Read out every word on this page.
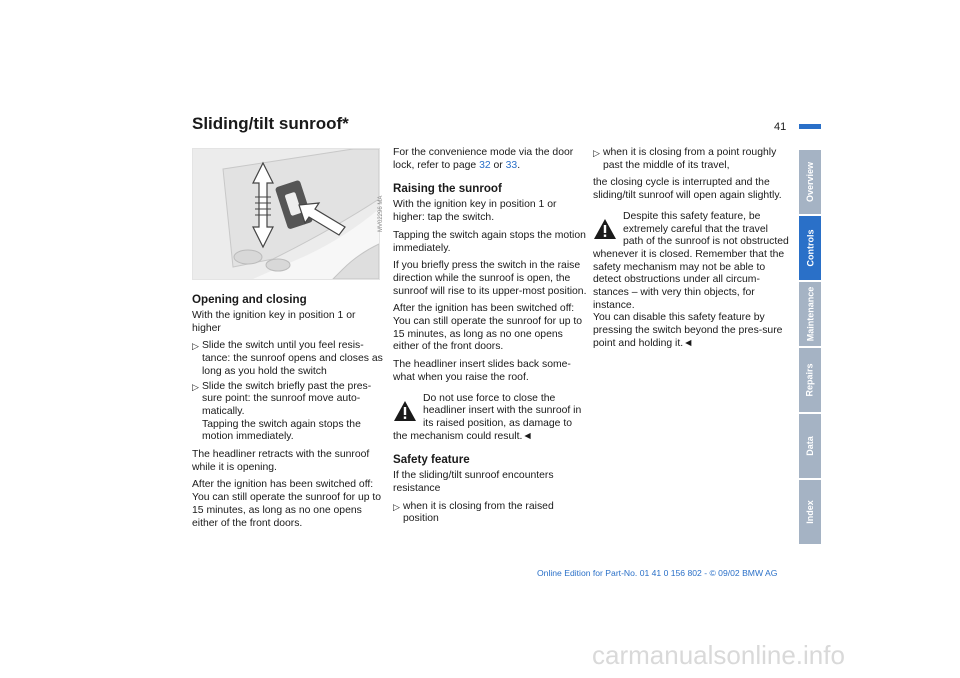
Sliding/tilt sunroof*	41
MV02296 MA
Opening and closing

With the ignition key in position 1 or higher

▷ Slide the switch until you feel resis-tance: the sunroof opens and closes as long as you hold the switch
▷ Slide the switch briefly past the pres-sure point: the sunroof move auto-matically.
Tapping the switch again stops the motion immediately.

The headliner retracts with the sunroof while it is opening.

After the ignition has been switched off: You can still operate the sunroof for up to 15 minutes, as long as no one opens either of the front doors.

For the convenience mode via the door lock, refer to page 32 or 33.

Raising the sunroof

With the ignition key in position 1 or higher: tap the switch.

Tapping the switch again stops the motion immediately.

If you briefly press the switch in the raise direction while the sunroof is open, the sunroof will rise to its upper-most position.

After the ignition has been switched off: You can still operate the sunroof for up to 15 minutes, as long as no one opens either of the front doors.

The headliner insert slides back some-what when you raise the roof.

Do not use force to close the
headliner insert with the sunroof in its raised position, as damage to the mechanism could result.◄
Safety feature

If the sliding/tilt sunroof encounters resistance

▷ when it is closing from the raised position
▷ when it is closing from a point roughly past the middle of its travel,

the closing cycle is interrupted and the sliding/tilt sunroof will open again slightly.

Despite this safety feature, be
extremely careful that the travel path of the sunroof is not obstructed whenever it is closed. Remember that the safety mechanism may not be able to detect obstructions under all circum-stances – with very thin objects, for instance.
You can disable this safety feature by pressing the switch beyond the pres-sure point and holding it.◄
Overview
Controls
Maintenance
Repairs
Data
Index
Online Edition for Part-No. 01 41 0 156 802 - © 09/02 BMW AG
carmanualsonline.info
